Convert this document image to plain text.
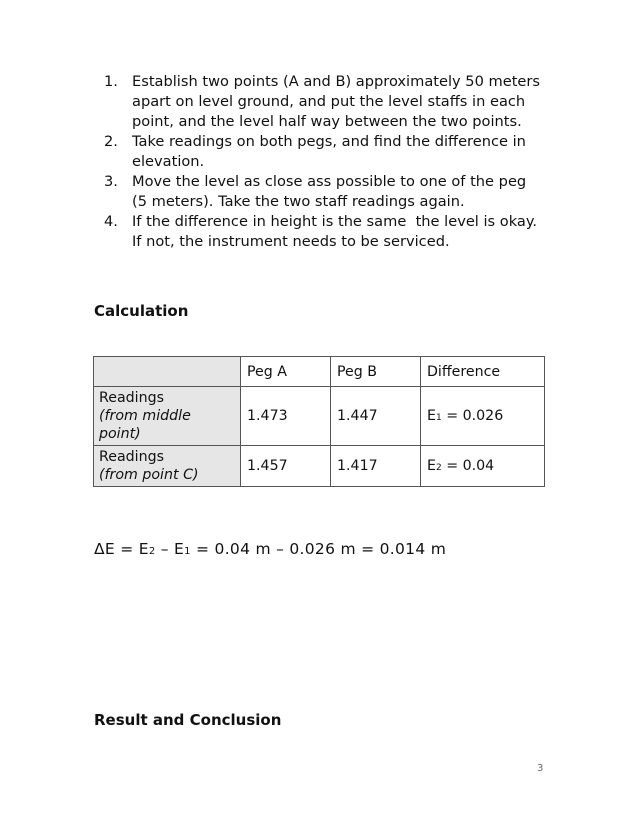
1. Establish two points (A and B) approximately 50 meters
apart on level ground, and put the level staffs in each
point, and the level half way between the two points.
2. Take readings on both pegs, and find the difference in
elevation.
3. Move the level as close ass possible to one of the peg
(5 meters). Take the two staff readings again.
4. If the difference in height is the same  the level is okay.
If not, the instrument needs to be serviced.
Calculation
	Peg A	Peg B	Difference

Readings
(from middle point)	1.473	1.447	E1 = 0.026

Readings
(from point C)	1.457	1.417	E2 = 0.04
ΔE = E2 – E1 = 0.04 m – 0.026 m = 0.014 m
Result and Conclusion
3
